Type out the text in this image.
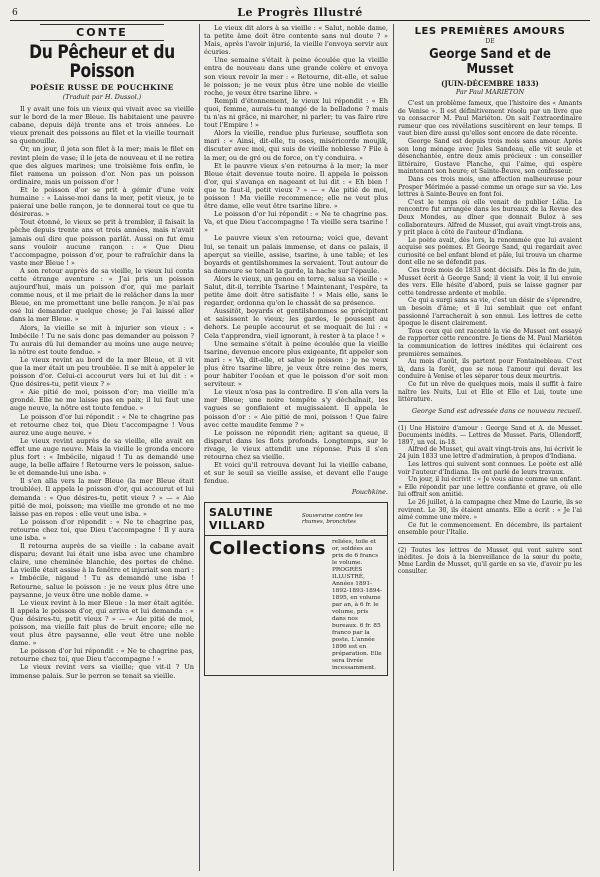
6	Le Progrès Illustré
CONTE
Du Pêcheur et du Poisson
POÉSIE RUSSE DE POUCHKINE
(Traduit par H. Dussol.)

Il y avait une fois un vieux qui vivait avec sa vieille sur le bord de la mer Bleue. Ils habitaient une pauvre cabane, depuis déjà trente ans et trois années. Le vieux prenait des poissons au filet et la vieille tournait sa quenouille.

Or, un jour, il jeta son filet à la mer; mais le filet en revint plein de vase; il le jeta de nouveau et il ne retira que des algues marines; une troisième fois enfin, le filet ramena un poisson d'or. Non pas un poisson ordinaire, mais un poisson d'or !

Et le poisson d'or se prit à gémir d'une voix humaine : « Laisse-moi dans la mer, petit vieux, je te paierai une belle rançon, je te donnerai tout ce que tu désireras. »

Tout étonné, le vieux se prit à trembler, il faisait la pêche depuis trente ans et trois années, mais n'avait jamais ouï dire que poisson parlât. Aussi on fut ému sans vouloir aucune rançon : « Que Dieu t'accompagne, poisson d'or, pour te rafraîchir dans la vaste mer Bleue ! »

A son retour auprès de sa vieille, le vieux lui conta cette étrange aventure : « J'ai pris un poisson aujourd'hui, mais un poisson d'or, qui me parlait comme nous, et il me priait de le relâcher dans la mer Bleue, en me promettant une belle rançon. Je n'ai pas osé lui demander quelque chose; je l'ai laissé aller dans la mer Bleue. »

Alors, la vieille se mit à injurier son vieux : « Imbécile ! Tu ne sais donc pas demander au poisson ? Tu aurais dû lui demander au moins une auge neuve; la nôtre est toute fendue. »

Le vieux revint au bord de la mer Bleue, et il vit que la mer était un peu troublée. Il se mit à appeler le poisson d'or. Celui-ci accourut vers lui et lui dit : « Que désires-tu, petit vieux ? »

« Aie pitié de moi, poisson d'or; ma vieille m'a grondé. Elle ne me laisse pas en paix; il lui faut une auge neuve, la nôtre est toute fendue. »

Le poisson d'or lui répondit : « Ne te chagrine pas et retourne chez toi, que Dieu t'accompagne ! Vous aurez une auge neuve. »

Le vieux revint auprès de sa vieille, elle avait en effet une auge neuve. Mais la vieille le gronda encore plus fort : « Imbécile, nigaud ! Tu as demandé une auge, la belle affaire ! Retourne vers le poisson, salue-le et demande-lui une isba. »

Il s'en alla vers la mer Bleue (la mer Bleue était troublée). Il appela le poisson d'or, qui accourut et lui demanda : « Que désires-tu, petit vieux ? » — « Aie pitié de moi, poisson; ma vieille me gronde et ne me laisse pas en repos : elle veut une isba. »

Le poisson d'or répondit : « Ne te chagrine pas, retourne chez toi, que Dieu t'accompagne ! Il y aura une isba. »

Il retourna auprès de sa vieille : la cabane avait disparu; devant lui était une isba avec une chambre claire, une cheminée blanchie, des portes de chêne. La vieille était assise à la fenêtre et injuriait son mari : « Imbécile, nigaud ! Tu as demandé une isba ! Retourne, salue le poisson : je ne veux plus être une paysanne, je veux être une noble dame. »

Le vieux revint à la mer Bleue : la mer était agitée. Il appela le poisson d'or, qui arriva et lui demanda : « Que désires-tu, petit vieux ? » — « Aie pitié de moi, poisson, ma vieille fait plus de bruit encore; elle ne veut plus être paysanne, elle veut être une noble dame. »

Le poisson d'or lui répondit : « Ne te chagrine pas, retourne chez toi, que Dieu t'accompagne ! »

Le vieux revint vers sa vieille; que vit-il ? Un immense palais. Sur le perron se tenait sa vieille.

Le vieux dit alors à sa vieille : « Salut, noble dame, ta petite âme doit être contente sans nul doute ? » Mais, après l'avoir injurié, la vieille l'envoya servir aux écuries.

Une semaine s'était à peine écoulée que la vieille entra de nouveau dans une grande colère et envoya son vieux revoir la mer : « Retourne, dit-elle, et salue le poisson; je ne veux plus être une noble de vieille roche, je veux être tsarine libre. »

Rempli d'étonnement, le vieux lui répondit : « Eh quoi, femme, aurais-tu mangé de la belladone ? mais tu n'as ni grâce, ni marcher, ni parler; tu vas faire rire tout l'Empire ! »

Alors la vieille, rendue plus furieuse, souffleta son mari : « Ainsi, dit-elle, tu oses, miséricorde moujik, discuter avec moi, qui suis de vieille noblesse ? File à la mer, ou de gré ou de force, on t'y conduira. »

Et le pauvre vieux s'en retourna à la mer; la mer Bleue était devenue toute noire. Il appela le poisson d'or, qui s'avança en nageant et lui dit : « Eh bien ! que te faut-il, petit vieux ? » — « Aie pitié de moi, poisson ! Ma vieille recommence; elle ne veut plus être dame, elle veut être tsarine libre. »

Le poisson d'or lui répondit : « Ne te chagrine pas. Va, et que Dieu t'accompagne ! Ta vieille sera tsarine ! »

Le pauvre vieux s'en retourna; voici que, devant lui, se tenait un palais immense, et dans ce palais, il aperçut sa vieille, assise, tsarine, à une table; et les boyards et gentilshommes la servaient. Tout autour de sa demeure se tenait la garde, la hache sur l'épaule.

Alors le vieux, un genou en terre, salua sa vieille : « Salut, dit-il, terrible Tsarine ! Maintenant, l'espère, ta petite âme doit être satisfaite ! » Mais elle, sans le regarder, ordonna qu'on le chassât de sa présence.

Aussitôt, boyards et gentilshommes se précipitent et saisissent le vieux; les gardes, le poussent au dehors. Le peuple accourut et se moquait de lui : « Cela t'apprendra, vieil ignorant, à rester à ta place ! »

Une semaine s'était à peine écoulée que la vieille tsarine, devenue encore plus exigeante, fit appeler son mari : « Va, dit-elle, et salue le poisson : je ne veux plus être tsarine libre, je veux être reine des mers, pour habiter l'océan et que le poisson d'or soit mon serviteur. »

Le vieux n'osa pas la contredire. Il s'en alla vers la mer Bleue; une noire tempête s'y déchaînait, les vagues se gonflaient et mugissaient. Il appela le poisson d'or : « Aie pitié de moi, poisson ! Que faire avec cette maudite femme ? »

Le poisson ne répondit rien; agitant sa queue, il disparut dans les flots profonds. Longtemps, sur le rivage, le vieux attendit une réponse. Puis il s'en retourna chez sa vieille.

Et voici qu'il retrouva devant lui la vieille cabane, et sur le seuil sa vieille assise, et devant elle l'auge fendue.

Pouchkine.
SALUTINE VILLARD
Souveraine contre les rhumes, bronchites
Collections reliées, toile et or, soldées au prix de 6 francs le volume. PROGRÈS ILLUSTRÉ, Années 1891-1892-1893-1894-1895, en volume par an, à 6 fr. le volume, pris dans nos bureaux. 6 fr. 85 franco par la poste. L'année 1896 est en préparation. Elle sera livrée incessamment.
LES PREMIÈRES AMOURS
DE
George Sand et de Musset
(JUIN-DÉCEMBRE 1833)
Par Paul MARIÉTON

C'est un problème fameux, que l'histoire des « Amants de Venise ». Il est définitivement résolu par un livre que va consacrer M. Paul Mariéton. On sait l'extraordinaire rumeur que ces révélations suscitèrent en leur temps. Il vaut bien dire aussi qu'elles sont encore de date récente.

George Sand est depuis trois mois sans amour. Après son long ménage avec Jules Sandeau, elle vit seule et désenchantée, entre deux amis précieux : un conseiller littéraire, Gustave Planche, qui l'aime, qui espère maintenant son heure; et Sainte-Beuve, son confesseur.

Dans ces trois mois, une affection malheureuse pour Prosper Mérimée a passé comme un orage sur sa vie. Les lettres à Sainte-Beuve en font foi.

C'est le temps où elle venait de publier Lélia. La rencontre fut arrangée dans les bureaux de la Revue des Deux Mondes, au dîner que donnait Buloz à ses collaborateurs. Alfred de Musset, qui avait vingt-trois ans, y prit place à côté de l'auteur d'Indiana.

Le poète avait, dès lors, la renommée que lui avaient acquise ses poèmes. Et George Sand, qui regardait avec curiosité ce bel enfant blond et pâle, lui trouva un charme dont elle ne se défendit pas.

Ces trois mois de 1833 sont décisifs. Dès la fin de juin, Musset écrit à George Sand; il vient la voir, il lui envoie des vers. Elle hésite d'abord, puis se laisse gagner par cette tendresse ardente et mobile.

Ce qui a surgi sans sa vie, c'est un désir de s'éprendre, un besoin d'âme; et il lui semblait que cet enfant passionné l'arracherait à son ennui. Les lettres de cette époque le disent clairement.

Tous ceux qui ont raconté la vie de Musset ont essayé de rapporter cette rencontre. Je tiens de M. Paul Mariéton la communication de lettres inédites qui éclairent ces premières semaines.

Au mois d'août, ils partent pour Fontainebleau. C'est là, dans la forêt, que se noua l'amour qui devait les conduire à Venise et les séparer tous deux meurtris.

Ce fut un rêve de quelques mois, mais il suffit à faire naître les Nuits, Lui et Elle et Elle et Lui, toute une littérature.

George Sand est adressée dans ce nouveau recueil.
(1) Une Histoire d'amour : George Sand et A. de Musset. Documents inédits. — Lettres de Musset. Paris, Ollendorff, 1897, un vol. in-18.

Alfred de Musset, qui avait vingt-trois ans, lui écrivit le 24 juin 1833 une lettre d'admiration, à propos d'Indiana.

Les lettres qui suivent sont connues. Le poète est allé voir l'auteur d'Indiana. Ils ont parlé de leurs travaux.

Un jour, il lui écrivit : « Je vous aime comme un enfant. » Elle répondit par une lettre confiante et grave, où elle lui offrait son amitié.

Le 26 juillet, à la campagne chez Mme de Laurie, ils se revirent. Le 30, ils étaient amants. Elle a écrit : « Je l'ai aimé comme une mère. »

Ce fut le commencement. En décembre, ils partaient ensemble pour l'Italie.

(2) Toutes les lettres de Musset qui vont suivre sont inédites. Je dois à la bienveillance de la sœur du poète, Mme Lardin de Musset, qu'il garde en sa vie, d'avoir pu les consulter.
